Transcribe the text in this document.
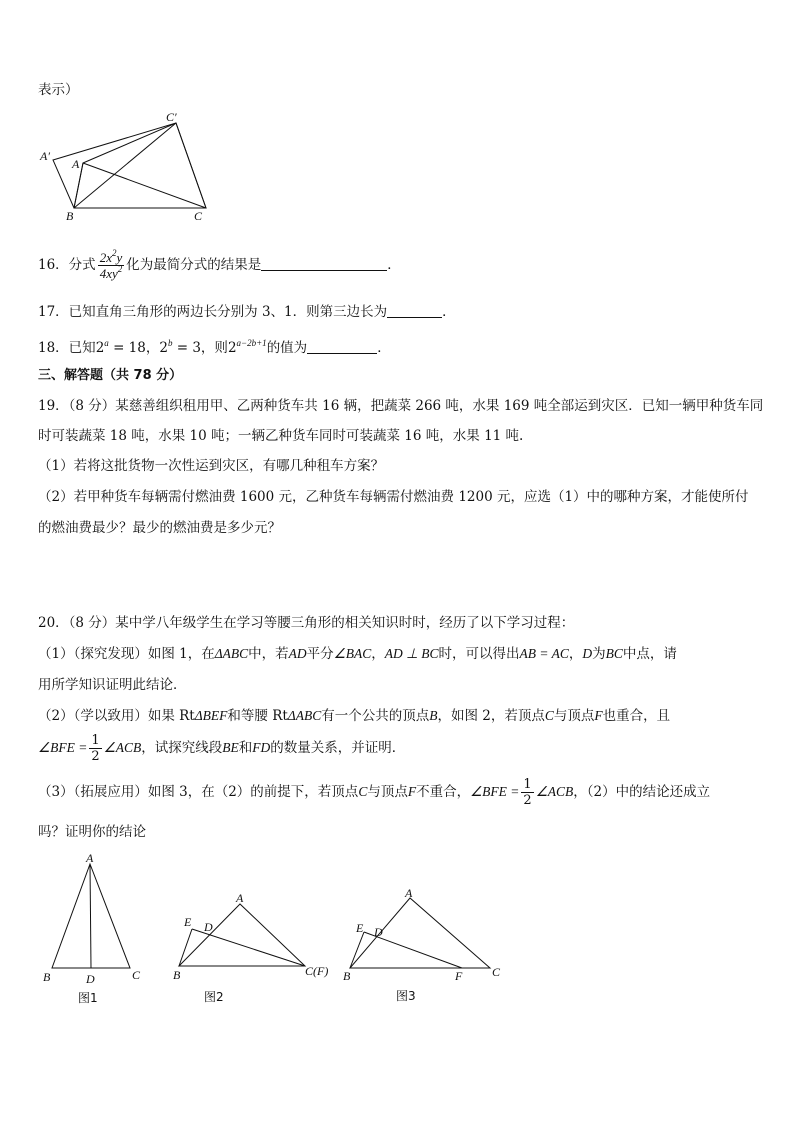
表示）
A′
A
B	C
C′
16．分式 $\frac{2x^2y}{4xy^2}$ 化为最简分式的结果是	．
17．已知直角三角形的两边长分别为 3、1．则第三边长为	．
18．已知$2^a = 18$，$2^b = 3$，则$2^{a-2b+1}$的值为	．
三、解答题（共 78 分）
19．（8 分）某慈善组织租用甲、乙两种货车共 16 辆，把蔬菜 266 吨，水果 169 吨全部运到灾区．已知一辆甲种货车同
时可装蔬菜 18 吨，水果 10 吨；一辆乙种货车同时可装蔬菜 16 吨，水果 11 吨.
（1）若将这批货物一次性运到灾区，有哪几种租车方案？
（2）若甲种货车每辆需付燃油费 1600 元，乙种货车每辆需付燃油费 1200 元，应选（1）中的哪种方案，才能使所付
的燃油费最少？最少的燃油费是多少元？
20．（8 分）某中学八年级学生在学习等腰三角形的相关知识时时，经历了以下学习过程：
（1）（探究发现）如图 1，在ΔABC中，若AD平分∠BAC，AD ⊥ BC时，可以得出AB = AC，D为BC中点，请
用所学知识证明此结论．
（2）（学以致用）如果 RtΔBEF和等腰 RtΔABC有一个公共的顶点B，如图 2，若顶点C与顶点F也重合，且
∠BFE = $\frac{1}{2}$ ∠ACB，试探究线段BE和FD的数量关系，并证明．
（3）（拓展应用）如图 3，在（2）的前提下，若顶点C与顶点F不重合，∠BFE = $\frac{1}{2}$ ∠ACB，（2）中的结论还成立
吗？证明你的结论
A
B	D	C
图1
A
E D
B	C(F)
图2
A
E D
B	F C
图3
